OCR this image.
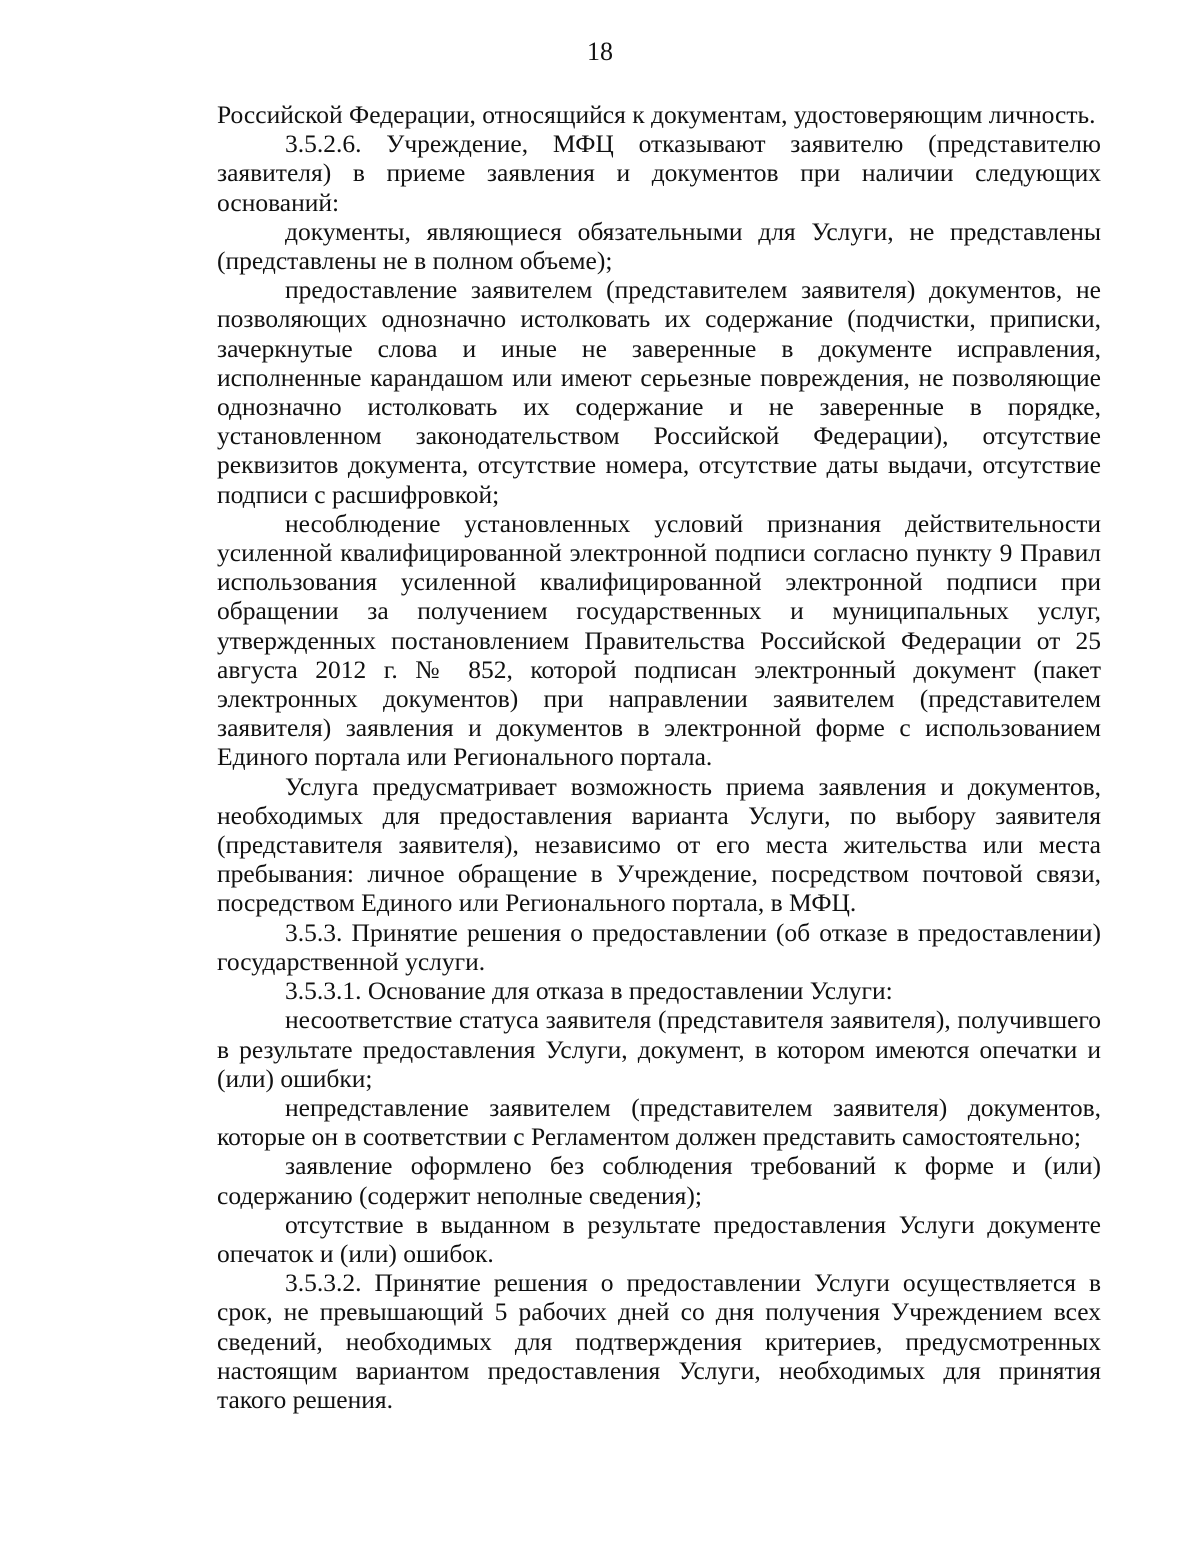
18

Российской Федерации, относящийся к документам, удостоверяющим личность.

3.5.2.6. Учреждение, МФЦ отказывают заявителю (представителю заявителя) в приеме заявления и документов при наличии следующих оснований:

документы, являющиеся обязательными для Услуги, не представлены (представлены не в полном объеме);

предоставление заявителем (представителем заявителя) документов, не позволяющих однозначно истолковать их содержание (подчистки, приписки, зачеркнутые слова и иные не заверенные в документе исправления, исполненные карандашом или имеют серьезные повреждения, не позволяющие однозначно истолковать их содержание и не заверенные в порядке, установленном законодательством Российской Федерации), отсутствие реквизитов документа, отсутствие номера, отсутствие даты выдачи, отсутствие подписи с расшифровкой;

несоблюдение установленных условий признания действительности усиленной квалифицированной электронной подписи согласно пункту 9 Правил использования усиленной квалифицированной электронной подписи при обращении за получением государственных и муниципальных услуг, утвержденных постановлением Правительства Российской Федерации от 25 августа 2012 г. № 852, которой подписан электронный документ (пакет электронных документов) при направлении заявителем (представителем заявителя) заявления и документов в электронной форме с использованием Единого портала или Регионального портала.

Услуга предусматривает возможность приема заявления и документов, необходимых для предоставления варианта Услуги, по выбору заявителя (представителя заявителя), независимо от его места жительства или места пребывания: личное обращение в Учреждение, посредством почтовой связи, посредством Единого или Регионального портала, в МФЦ.

3.5.3. Принятие решения о предоставлении (об отказе в предоставлении) государственной услуги.

3.5.3.1. Основание для отказа в предоставлении Услуги:

несоответствие статуса заявителя (представителя заявителя), получившего в результате предоставления Услуги, документ, в котором имеются опечатки и (или) ошибки;

непредставление заявителем (представителем заявителя) документов, которые он в соответствии с Регламентом должен представить самостоятельно;

заявление оформлено без соблюдения требований к форме и (или) содержанию (содержит неполные сведения);

отсутствие в выданном в результате предоставления Услуги документе опечаток и (или) ошибок.

3.5.3.2. Принятие решения о предоставлении Услуги осуществляется в срок, не превышающий 5 рабочих дней со дня получения Учреждением всех сведений, необходимых для подтверждения критериев, предусмотренных настоящим вариантом предоставления Услуги, необходимых для принятия такого решения.
